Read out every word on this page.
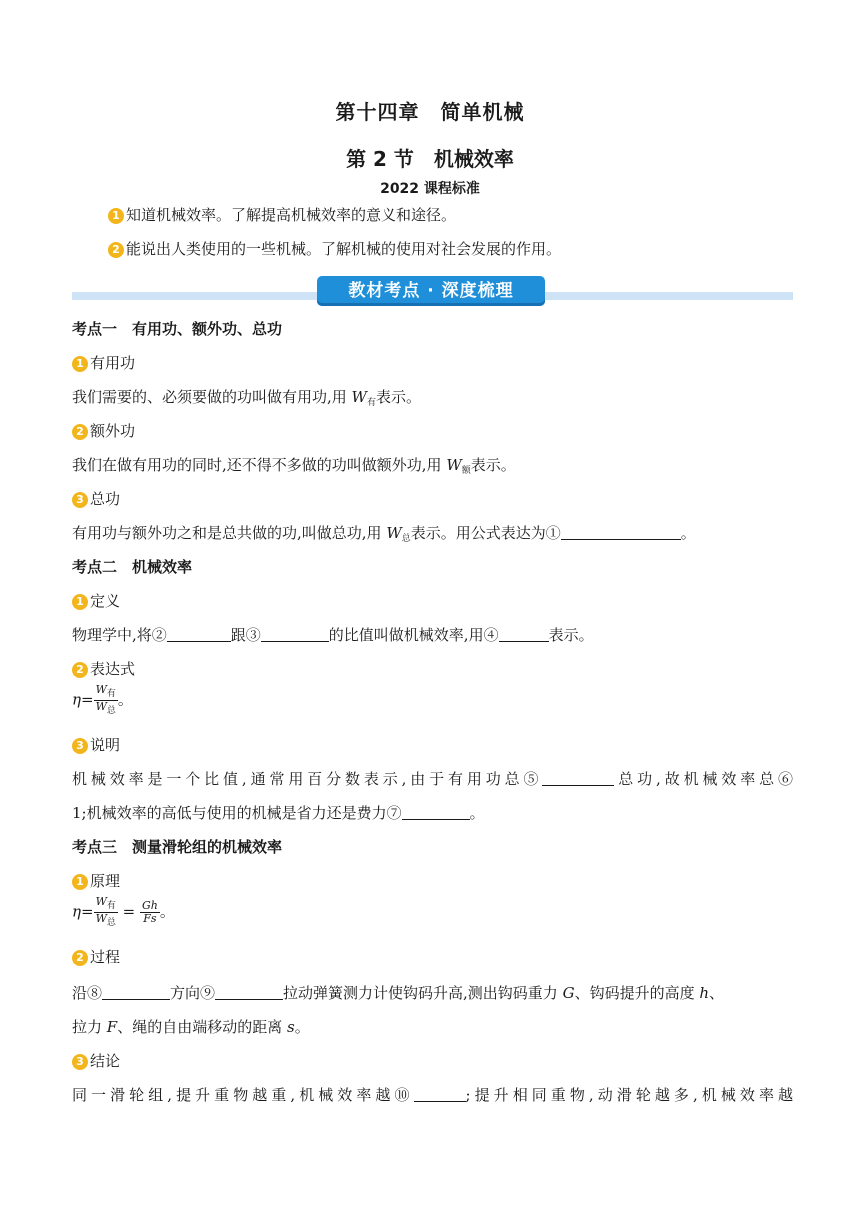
第十四章　简单机械
第 2 节　机械效率
2022 课程标准
1 知道机械效率。了解提高机械效率的意义和途径。
2 能说出人类使用的一些机械。了解机械的使用对社会发展的作用。
教材考点 · 深度梳理
考点一　有用功、额外功、总功
1 有用功
我们需要的、必须要做的功叫做有用功,用 $W_有$表示。
2 额外功
我们在做有用功的同时,还不得不多做的功叫做额外功,用 $W_额$表示。
3 总功
有用功与额外功之和是总共做的功,叫做总功,用 $W_总$表示。用公式表达为①	。
考点二　机械效率
1 定义
物理学中,将②	跟③	的比值叫做机械效率,用④	表示。
2 表达式
$\eta= \frac{W_有}{W_总}$ 。
3 说明
机械效率是一个比值,通常用百分数表示,由于有用功总⑤	总功,故机械效率总⑥
1;机械效率的高低与使用的机械是省力还是费力⑦	。
考点三　测量滑轮组的机械效率
1 原理
$\eta= \frac{W_有}{W_总} = \frac{Gh}{Fs}$ 。
2 过程
沿⑧	方向⑨	拉动弹簧测力计使钩码升高,测出钩码重力 G、钩码提升的高度 h、
拉力 F、绳的自由端移动的距离 s。
3 结论
同一滑轮组,提升重物越重,机械效率越⑩	;提升相同重物,动滑轮越多,机械效率越
